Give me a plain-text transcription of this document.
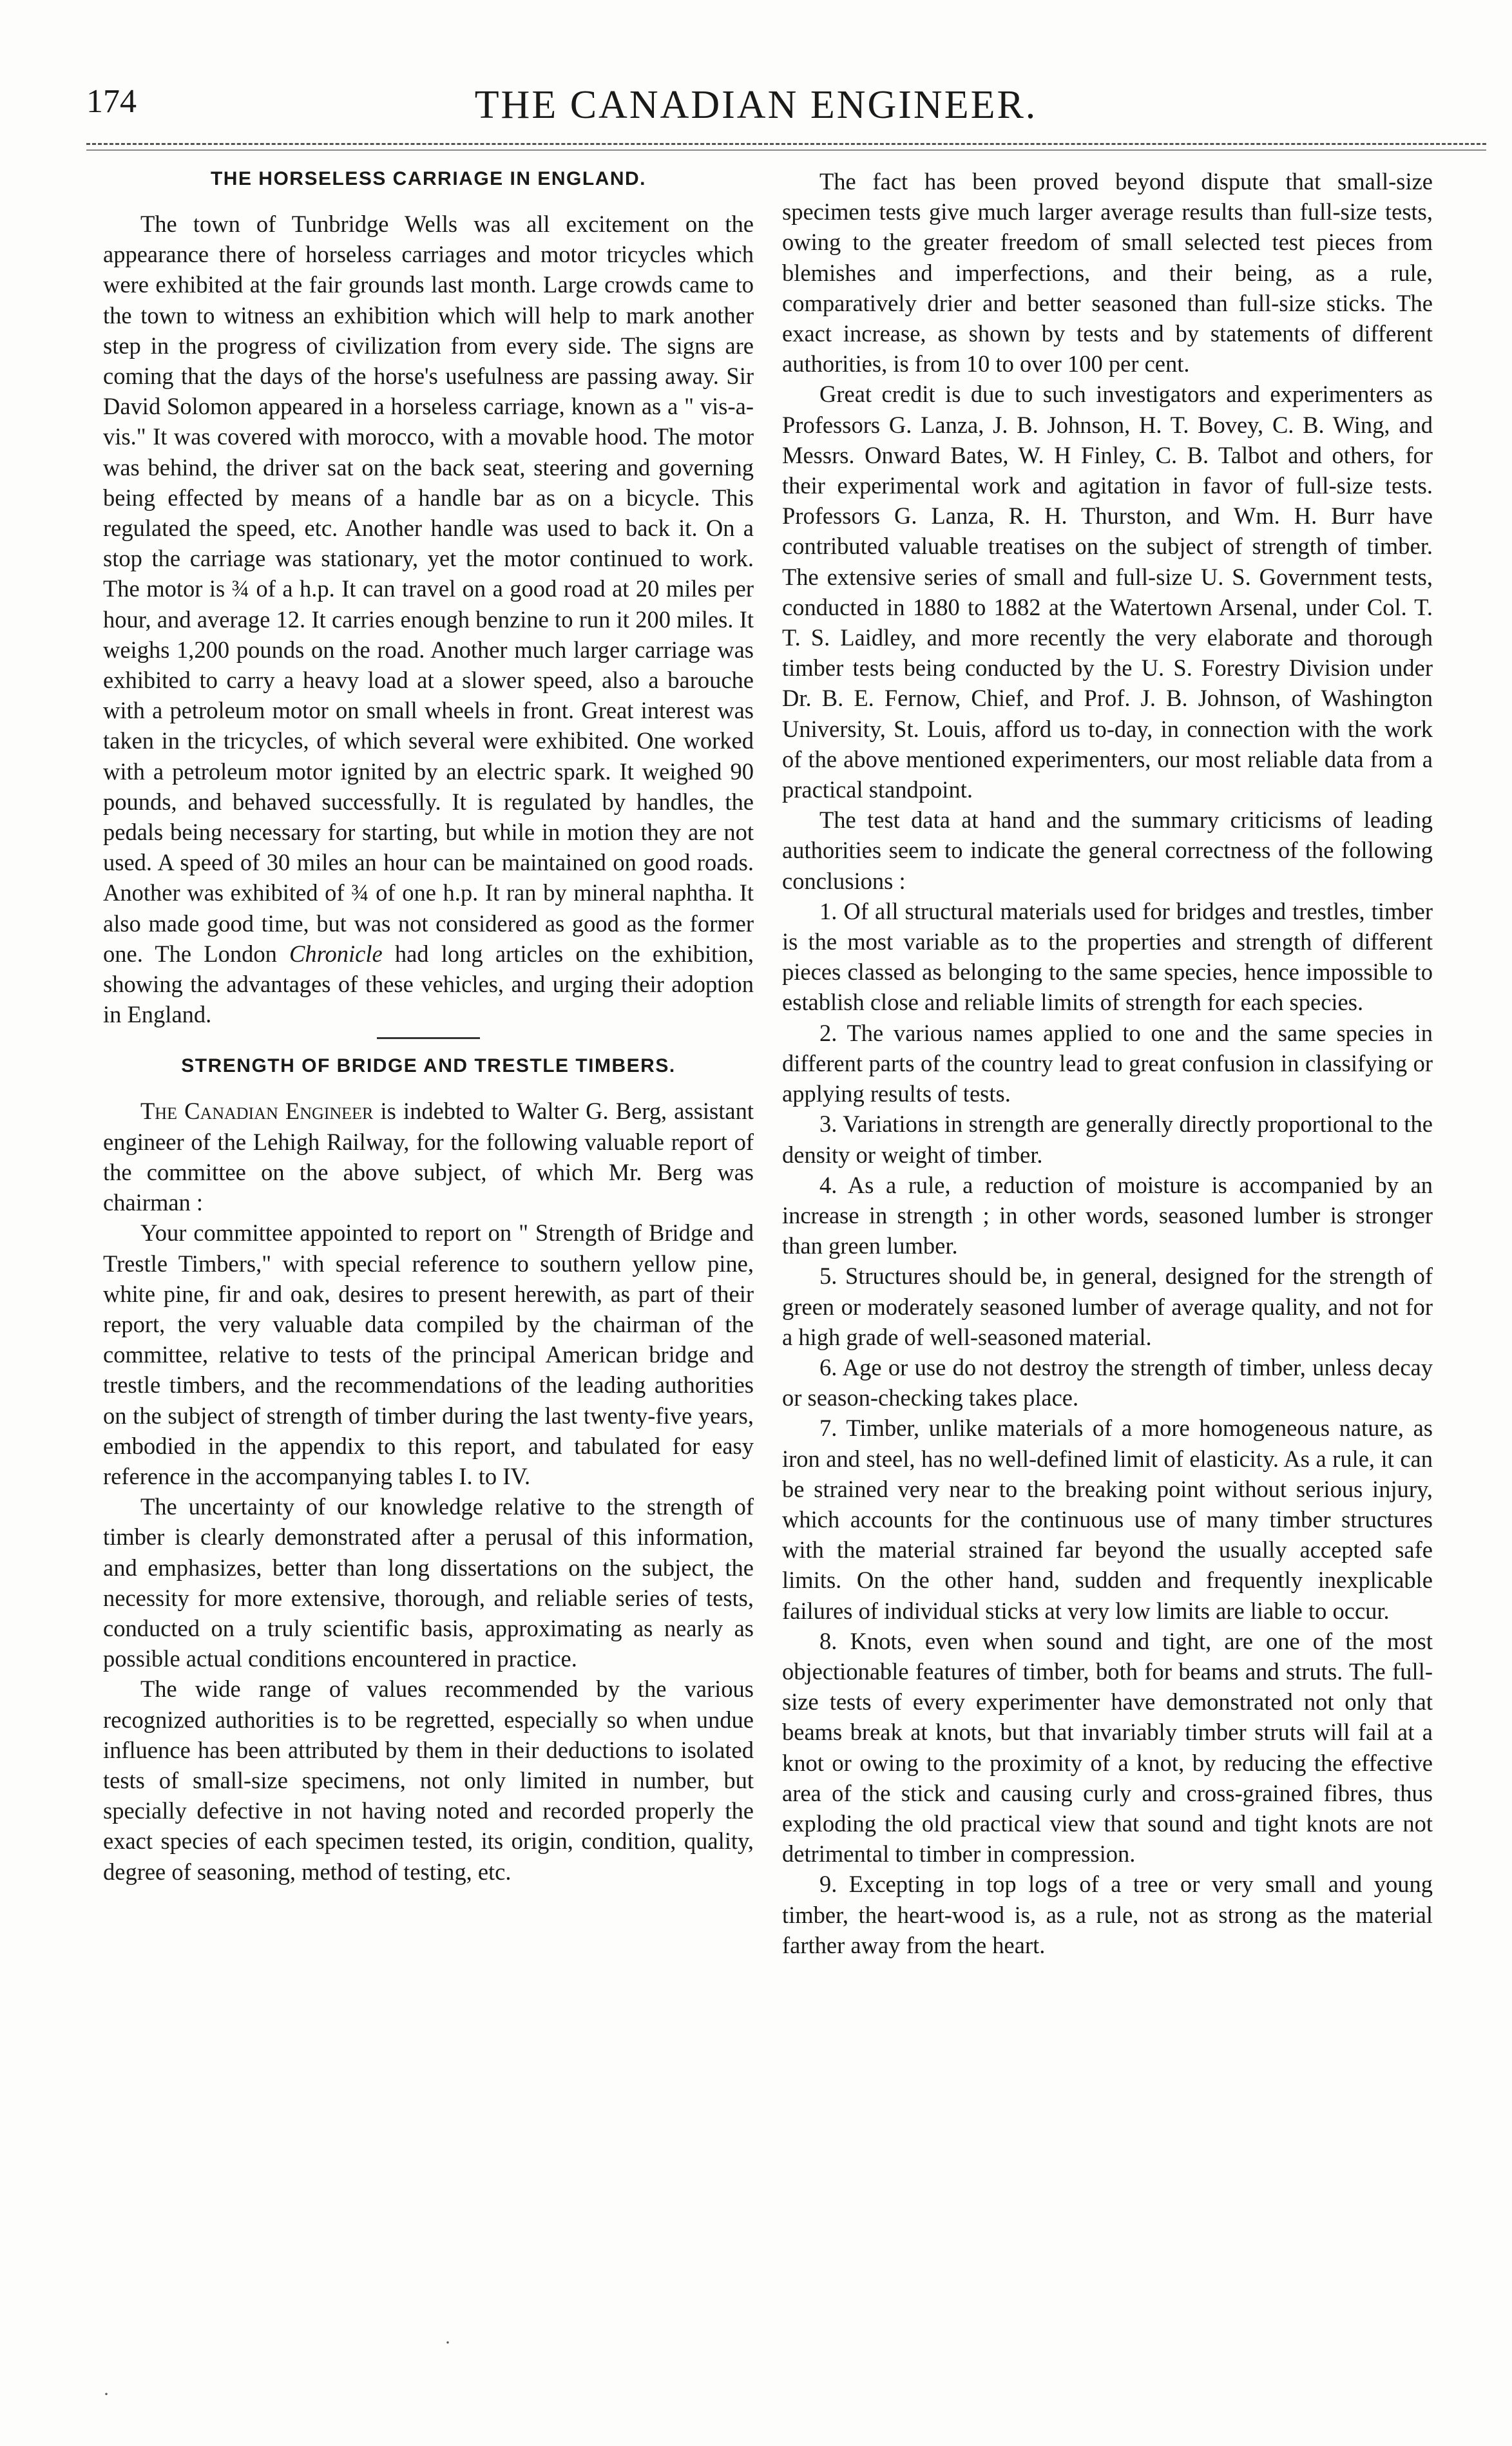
174	THE CANADIAN ENGINEER.
THE HORSELESS CARRIAGE IN ENGLAND.

The town of Tunbridge Wells was all excitement on the appearance there of horseless carriages and motor tricycles which were exhibited at the fair grounds last month. Large crowds came to the town to witness an exhibition which will help to mark another step in the progress of civilization from every side. The signs are coming that the days of the horse's usefulness are passing away. Sir David Solomon appeared in a horseless carriage, known as a " vis-a-vis." It was covered with morocco, with a movable hood. The motor was behind, the driver sat on the back seat, steering and governing being effected by means of a handle bar as on a bicycle. This regulated the speed, etc. Another handle was used to back it. On a stop the carriage was stationary, yet the motor continued to work. The motor is ¾ of a h.p. It can travel on a good road at 20 miles per hour, and average 12. It carries enough benzine to run it 200 miles. It weighs 1,200 pounds on the road. Another much larger carriage was exhibited to carry a heavy load at a slower speed, also a barouche with a petroleum motor on small wheels in front. Great interest was taken in the tricycles, of which several were exhibited. One worked with a petroleum motor ignited by an electric spark. It weighed 90 pounds, and behaved successfully. It is regulated by handles, the pedals being necessary for starting, but while in motion they are not used. A speed of 30 miles an hour can be maintained on good roads. Another was exhibited of ¾ of one h.p. It ran by mineral naphtha. It also made good time, but was not considered as good as the former one. The London Chronicle had long articles on the exhibition, showing the advantages of these vehicles, and urging their adoption in England.

STRENGTH OF BRIDGE AND TRESTLE TIMBERS.

The Canadian Engineer is indebted to Walter G. Berg, assistant engineer of the Lehigh Railway, for the following valuable report of the committee on the above subject, of which Mr. Berg was chairman :

Your committee appointed to report on " Strength of Bridge and Trestle Timbers," with special reference to southern yellow pine, white pine, fir and oak, desires to present herewith, as part of their report, the very valuable data compiled by the chairman of the committee, relative to tests of the principal American bridge and trestle timbers, and the recommendations of the leading authorities on the subject of strength of timber during the last twenty-five years, embodied in the appendix to this report, and tabulated for easy reference in the accompanying tables I. to IV.

The uncertainty of our knowledge relative to the strength of timber is clearly demonstrated after a perusal of this information, and emphasizes, better than long dissertations on the subject, the necessity for more extensive, thorough, and reliable series of tests, conducted on a truly scientific basis, approximating as nearly as possible actual conditions encountered in practice.

The wide range of values recommended by the various recognized authorities is to be regretted, especially so when undue influence has been attributed by them in their deductions to isolated tests of small-size specimens, not only limited in number, but specially defective in not having noted and recorded properly the exact species of each specimen tested, its origin, condition, quality, degree of seasoning, method of testing, etc.

The fact has been proved beyond dispute that small-size specimen tests give much larger average results than full-size tests, owing to the greater freedom of small selected test pieces from blemishes and imperfections, and their being, as a rule, comparatively drier and better seasoned than full-size sticks. The exact increase, as shown by tests and by statements of different authorities, is from 10 to over 100 per cent.

Great credit is due to such investigators and experimenters as Professors G. Lanza, J. B. Johnson, H. T. Bovey, C. B. Wing, and Messrs. Onward Bates, W. H Finley, C. B. Talbot and others, for their experimental work and agitation in favor of full-size tests. Professors G. Lanza, R. H. Thurston, and Wm. H. Burr have contributed valuable treatises on the subject of strength of timber. The extensive series of small and full-size U. S. Government tests, conducted in 1880 to 1882 at the Watertown Arsenal, under Col. T. T. S. Laidley, and more recently the very elaborate and thorough timber tests being conducted by the U. S. Forestry Division under Dr. B. E. Fernow, Chief, and Prof. J. B. Johnson, of Washington University, St. Louis, afford us to-day, in connection with the work of the above mentioned experimenters, our most reliable data from a practical standpoint.

The test data at hand and the summary criticisms of leading authorities seem to indicate the general correctness of the following conclusions :

1. Of all structural materials used for bridges and trestles, timber is the most variable as to the properties and strength of different pieces classed as belonging to the same species, hence impossible to establish close and reliable limits of strength for each species.

2. The various names applied to one and the same species in different parts of the country lead to great confusion in classifying or applying results of tests.

3. Variations in strength are generally directly proportional to the density or weight of timber.

4. As a rule, a reduction of moisture is accompanied by an increase in strength ; in other words, seasoned lumber is stronger than green lumber.

5. Structures should be, in general, designed for the strength of green or moderately seasoned lumber of average quality, and not for a high grade of well-seasoned material.

6. Age or use do not destroy the strength of timber, unless decay or season-checking takes place.

7. Timber, unlike materials of a more homogeneous nature, as iron and steel, has no well-defined limit of elasticity. As a rule, it can be strained very near to the breaking point without serious injury, which accounts for the continuous use of many timber structures with the material strained far beyond the usually accepted safe limits. On the other hand, sudden and frequently inexplicable failures of individual sticks at very low limits are liable to occur.

8. Knots, even when sound and tight, are one of the most objectionable features of timber, both for beams and struts. The full-size tests of every experimenter have demonstrated not only that beams break at knots, but that invariably timber struts will fail at a knot or owing to the proximity of a knot, by reducing the effective area of the stick and causing curly and cross-grained fibres, thus exploding the old practical view that sound and tight knots are not detrimental to timber in compression.

9. Excepting in top logs of a tree or very small and young timber, the heart-wood is, as a rule, not as strong as the material farther away from the heart.

·
·
